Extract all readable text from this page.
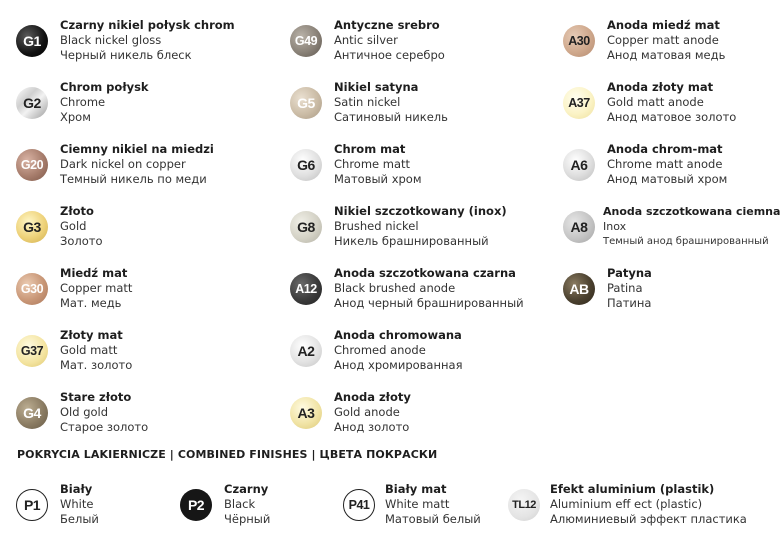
G1
Czarny nikiel połysk chrom
Black nickel gloss
Черный никель блеск
G2
Chrom połysk
Chrome
Хром
G20
Ciemny nikiel na miedzi
Dark nickel on copper
Темный никель по меди
G3
Złoto
Gold
Золото
G30
Miedź mat
Copper matt
Мат. медь
G37
Złoty mat
Gold matt
Мат. золото
G4
Stare złoto
Old gold
Старое золото
G49
Antyczne srebro
Antic silver
Античное серебро
G5
Nikiel satyna
Satin nickel
Сатиновый никель
G6
Chrom mat
Chrome matt
Матовый хром
G8
Nikiel szczotkowany (inox)
Brushed nickel
Никель брашнированный
A12
Anoda szczotkowana czarna
Black brushed anode
Анод черный брашнированный
A2
Anoda chromowana
Chromed anode
Анод хромированная
A3
Anoda złoty
Gold anode
Анод золото
A30
Anoda miedź mat
Copper matt anode
Анод матовая медь
A37
Anoda złoty mat
Gold matt anode
Анод матовое золото
A6
Anoda chrom-mat
Chrome matt anode
Анод матовый хром
A8
Anoda szczotkowana ciemna
Inox
Темный анод брашнированный
AB
Patyna
Patina
Патина
POKRYCIA LAKIERNICZE | COMBINED FINISHES | ЦВЕТА ПОКРАСКИ
P1
Biały
White
Белый
P2
Czarny
Black
Чёрный
P41
Biały mat
White matt
Матовый белый
TL12
Efekt aluminium (plastik)
Aluminium eff ect (plastic)
Алюминиевый эффект пластика
